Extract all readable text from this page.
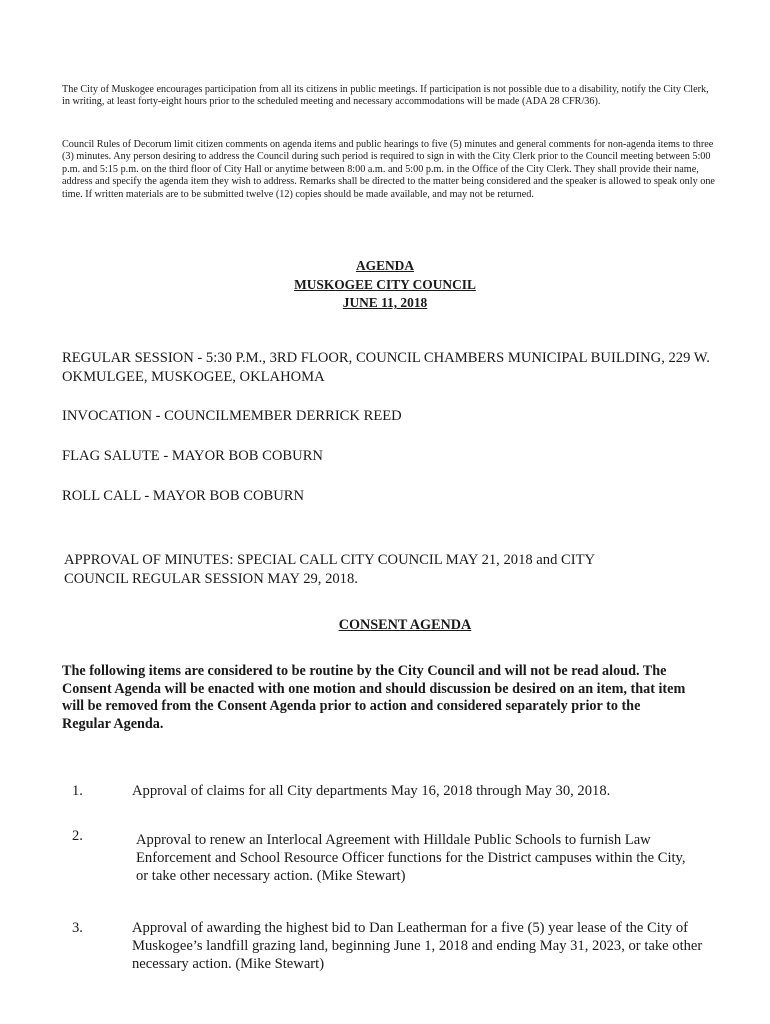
The City of Muskogee encourages participation from all its citizens in public meetings. If participation is not possible due to a disability, notify the City Clerk, in writing, at least forty-eight hours prior to the scheduled meeting and necessary accommodations will be made (ADA 28 CFR/36).

Council Rules of Decorum limit citizen comments on agenda items and public hearings to five (5) minutes and general comments for non-agenda items to three (3) minutes. Any person desiring to address the Council during such period is required to sign in with the City Clerk prior to the Council meeting between 5:00 p.m. and 5:15 p.m. on the third floor of City Hall or anytime between 8:00 a.m. and 5:00 p.m. in the Office of the City Clerk. They shall provide their name, address and specify the agenda item they wish to address. Remarks shall be directed to the matter being considered and the speaker is allowed to speak only one time. If written materials are to be submitted twelve (12) copies should be made available, and may not be returned.

AGENDA
MUSKOGEE CITY COUNCIL
JUNE 11, 2018

REGULAR SESSION - 5:30 P.M., 3RD FLOOR, COUNCIL CHAMBERS MUNICIPAL BUILDING, 229 W. OKMULGEE, MUSKOGEE, OKLAHOMA

INVOCATION - COUNCILMEMBER DERRICK REED

FLAG SALUTE - MAYOR BOB COBURN

ROLL CALL - MAYOR BOB COBURN

APPROVAL OF MINUTES: SPECIAL CALL CITY COUNCIL MAY 21, 2018 and CITY COUNCIL REGULAR SESSION MAY 29, 2018.

CONSENT AGENDA

The following items are considered to be routine by the City Council and will not be read aloud. The Consent Agenda will be enacted with one motion and should discussion be desired on an item, that item will be removed from the Consent Agenda prior to action and considered separately prior to the Regular Agenda.

1.	Approval of claims for all City departments May 16, 2018 through May 30, 2018.

2.	Approval to renew an Interlocal Agreement with Hilldale Public Schools to furnish Law Enforcement and School Resource Officer functions for the District campuses within the City, or take other necessary action. (Mike Stewart)

3.	Approval of awarding the highest bid to Dan Leatherman for a five (5) year lease of the City of Muskogee’s landfill grazing land, beginning June 1, 2018 and ending May 31, 2023, or take other necessary action. (Mike Stewart)
